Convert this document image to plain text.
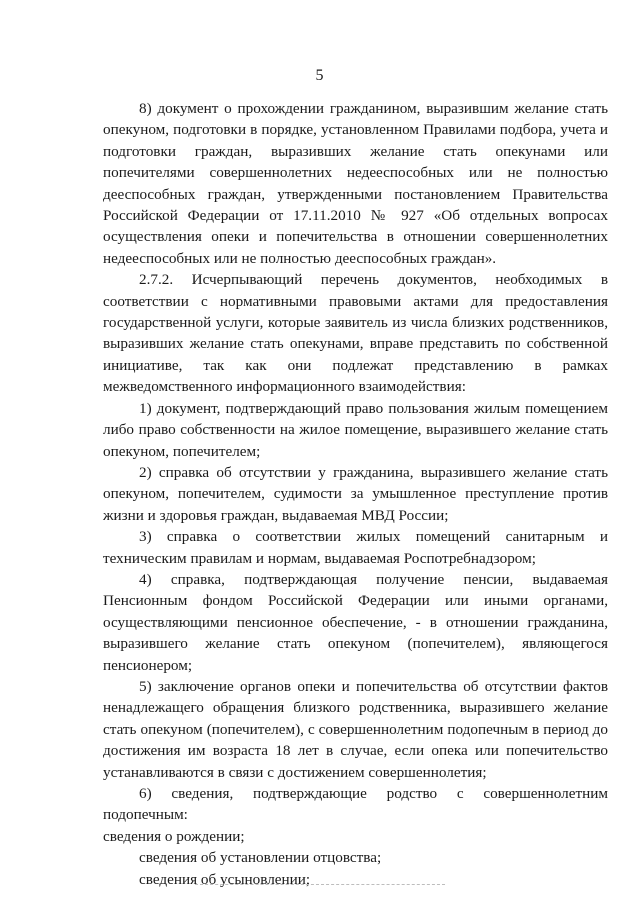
5

8) документ о прохождении гражданином, выразившим желание стать опекуном, подготовки в порядке, установленном Правилами подбора, учета и подготовки граждан, выразивших желание стать опекунами или попечителями совершеннолетних недееспособных или не полностью дееспособных граждан, утвержденными постановлением Правительства Российской Федерации от 17.11.2010 № 927 «Об отдельных вопросах осуществления опеки и попечительства в отношении совершеннолетних недееспособных или не полностью дееспособных граждан».

2.7.2. Исчерпывающий перечень документов, необходимых в соответствии с нормативными правовыми актами для предоставления государственной услуги, которые заявитель из числа близких родственников, выразивших желание стать опекунами, вправе представить по собственной инициативе, так как они подлежат представлению в рамках межведомственного информационного взаимодействия:

1) документ, подтверждающий право пользования жилым помещением либо право собственности на жилое помещение, выразившего желание стать опекуном, попечителем;

2) справка об отсутствии у гражданина, выразившего желание стать опекуном, попечителем, судимости за умышленное преступление против жизни и здоровья граждан, выдаваемая МВД России;

3) справка о соответствии жилых помещений санитарным и техническим правилам и нормам, выдаваемая Роспотребнадзором;

4) справка, подтверждающая получение пенсии, выдаваемая Пенсионным фондом Российской Федерации или иными органами, осуществляющими пенсионное обеспечение, - в отношении гражданина, выразившего желание стать опекуном (попечителем), являющегося пенсионером;

5) заключение органов опеки и попечительства об отсутствии фактов ненадлежащего обращения близкого родственника, выразившего желание стать опекуном (попечителем), с совершеннолетним подопечным в период до достижения им возраста 18 лет в случае, если опека или попечительство устанавливаются в связи с достижением совершеннолетия;

6) сведения, подтверждающие родство с совершеннолетним подопечным:

сведения о рождении;

сведения об установлении отцовства;

сведения об усыновлении;
